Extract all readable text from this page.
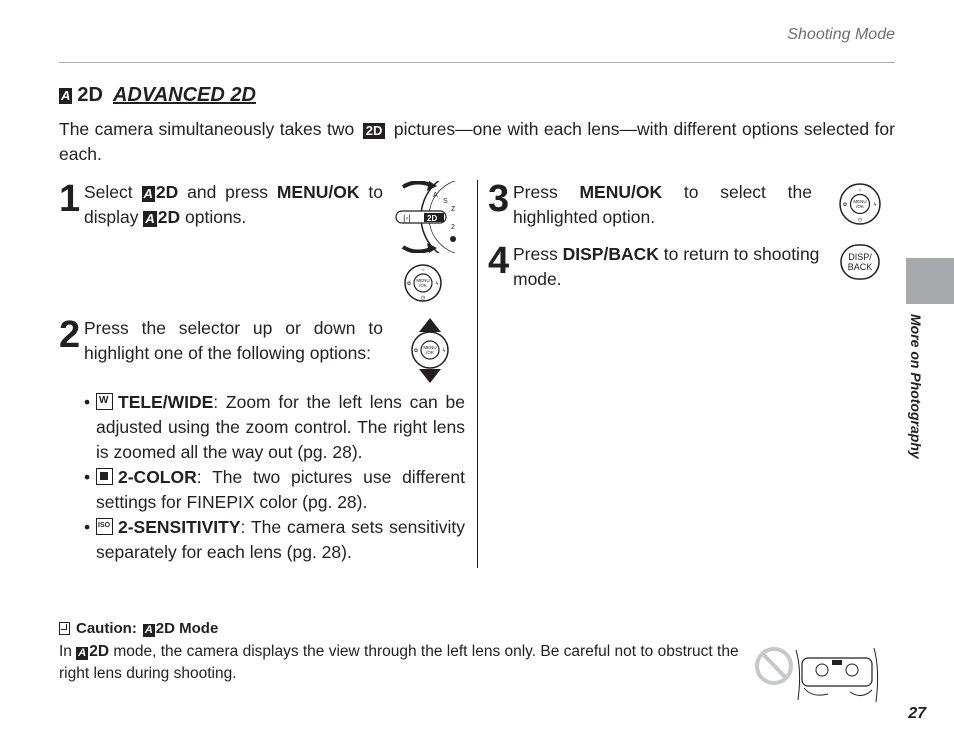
Shooting Mode
A 2D ADVANCED 2D
The camera simultaneously takes two 2D pictures—one with each lens—with different options selected for each.
1 Select A 2D and press MENU/OK to display A 2D options.	|◦| 2D
A
S
Z
2
MENU
/OK
☼
✿	ϟ
◷
2 Press the selector up or down to highlight one of the following options:	MENU
/OK
✿	ϟ
• W TELE/WIDE: Zoom for the left lens can be adjusted using the zoom control. The right lens is zoomed all the way out (pg. 28).
• 2-COLOR: The two pictures use different settings for FINEPIX color (pg. 28).
• ISO 2-SENSITIVITY: The camera sets sensitivity separately for each lens (pg. 28).
3 Press MENU/OK to select the highlighted option.
MENU
/OK
☼
✿	ϟ
◷
4 Press DISP/BACK to return to shooting mode.
DISP/
BACK
Caution: A 2D Mode
In A 2D mode, the camera displays the view through the left lens only. Be careful not to obstruct the right lens during shooting.
More on Photography
27
